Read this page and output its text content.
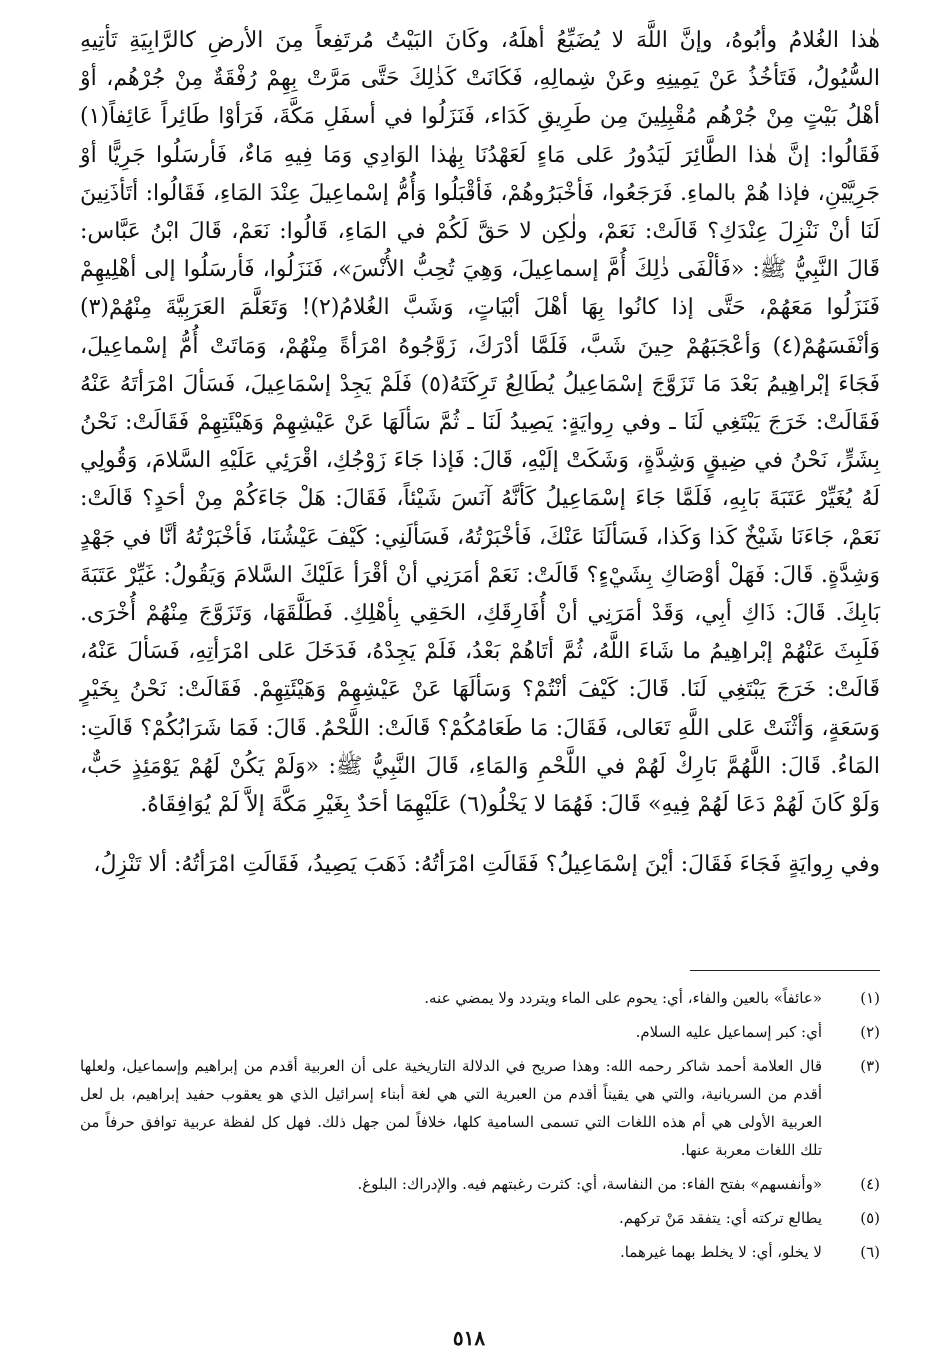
هٰذا الغُلامُ وأبُوهُ، وإنَّ اللَّهَ لا يُضَيِّعُ أهلَهُ، وكَانَ البَيْتُ مُرتَفِعاً مِنَ الأرضِ كالرَّابِيَةِ تَأتِيهِ السُّيُولُ، فَتَأخُذُ عَنْ يَمِينِهِ وعَنْ شِمالِهِ، فَكَانَتْ كَذٰلِكَ حَتَّى مَرَّتْ بِهِمْ رُفْقَةٌ مِنْ جُرْهُم، أوْ أهْلُ بَيْتٍ مِنْ جُرْهُم مُقْبِلِينَ مِن طَرِيقِ كَدَاء، فَنَزَلُوا في أسفَلِ مَكَّةَ، فَرَأوْا طَائِراً عَائِفاً(١) فَقَالُوا: إنَّ هٰذا الطَّائِرَ لَيَدُورُ عَلى مَاءٍ لَعَهْدُنَا بِهٰذا الوَادِي وَمَا فِيهِ مَاءٌ، فَأرسَلُوا جَرِيًّا أوْ جَرِيَّيْنِ، فإذا هُمْ بالماءِ. فَرَجَعُوا، فَأخْبَرُوهُمْ، فَأقْبَلُوا وَأُمُّ إسْماعِيلَ عِنْدَ المَاءِ، فَقَالُوا: أتَأذَنِينَ لَنَا أنْ نَنْزِلَ عِنْدَكِ؟ قَالَتْ: نَعَمْ، ولٰكِن لا حَقَّ لَكُمْ في المَاءِ، قَالُوا: نَعَمْ، قَالَ ابْنُ عَبَّاس: قَالَ النَّبِيُّ ﷺ: «فَألْفَى ذٰلِكَ أُمَّ إسماعِيلَ، وَهِيَ تُحِبُّ الأُنْسَ»، فَنَزَلُوا، فَأرسَلُوا إلى أهْلِيهِمْ فَنَزَلُوا مَعَهُمْ، حَتَّى إذا كانُوا بِهَا أهْلَ أبْيَاتٍ، وَشَبَّ الغُلامُ(٢)! وَتَعَلَّمَ العَرَبِيَّةَ مِنْهُمْ(٣) وَأنْفَسَهُمْ(٤) وَأعْجَبَهُمْ حِينَ شَبَّ، فَلَمَّا أدْرَكَ، زَوَّجُوهُ امْرَأةً مِنْهُمْ، وَمَاتَتْ أُمُّ إسْماعِيلَ، فَجَاءَ إبْراهِيمُ بَعْدَ مَا تَزَوَّجَ إسْمَاعِيلُ يُطَالِعُ تَرِكَتَهُ(٥) فَلَمْ يَجِدْ إسْمَاعِيلَ، فَسَألَ امْرَأتَهُ عَنْهُ فَقَالَتْ: خَرَجَ يَبْتَغِي لَنَا ـ وفي رِوايَةٍ: يَصِيدُ لَنَا ـ ثُمَّ سَألَهَا عَنْ عَيْشِهِمْ وَهَيْئَتِهِمْ فَقَالَتْ: نَحْنُ بِشَرٍّ، نَحْنُ في ضِيقٍ وَشِدَّةٍ، وَشَكَتْ إلَيْهِ، قَالَ: فَإذا جَاءَ زَوْجُكِ، اقْرَئِي عَلَيْهِ السَّلامَ، وَقُولِي لَهُ يُغَيِّرْ عَتَبَةَ بَابِهِ، فَلَمَّا جَاءَ إسْمَاعِيلُ كَأنَّهُ آنَسَ شَيْئاً، فَقَالَ: هَلْ جَاءَكُمْ مِنْ أحَدٍ؟ قَالَتْ: نَعَمْ، جَاءَنَا شَيْخٌ كَذا وَكَذا، فَسَألَنَا عَنْكَ، فَأخْبَرْتُهُ، فَسَألَنِي: كَيْفَ عَيْشُنَا، فَأخْبَرْتُهُ أنَّا في جَهْدٍ وَشِدَّةٍ. قَالَ: فَهَلْ أوْصَاكِ بِشَيْءٍ؟ قَالَتْ: نَعَمْ أمَرَنِي أنْ أقْرَأ عَلَيْكَ السَّلامَ وَيَقُولُ: غَيِّرْ عَتَبَةَ بَابِكَ. قَالَ: ذَاكِ أبِي، وَقَدْ أمَرَنِي أنْ أُفَارِقَكِ، الحَقِي بِأهْلِكِ. فَطَلَّقَهَا، وَتَزَوَّجَ مِنْهُمْ أُخْرَى. فَلَبِثَ عَنْهُمْ إبْراهِيمُ ما شَاءَ اللَّهُ، ثُمَّ أتَاهُمْ بَعْدُ، فَلَمْ يَجِدْهُ، فَدَخَلَ عَلى امْرَأتِهِ، فَسَألَ عَنْهُ، قَالَتْ: خَرَجَ يَبْتَغِي لَنَا. قَالَ: كَيْفَ أنْتُمْ؟ وَسَألَهَا عَنْ عَيْشِهِمْ وَهَيْئَتِهِمْ. فَقَالَتْ: نَحْنُ بِخَيْرٍ وَسَعَةٍ، وَأثْنَتْ عَلى اللَّهِ تَعَالى، فَقَالَ: مَا طَعَامُكُمْ؟ قَالَتْ: اللَّحْمُ. قَالَ: فَمَا شَرَابُكُمْ؟ قَالَتِ: المَاءُ. قَالَ: اللَّهُمَّ بَارِكْ لَهُمْ في اللَّحْمِ وَالمَاءِ، قَالَ النَّبِيُّ ﷺ: «وَلَمْ يَكُنْ لَهُمْ يَوْمَئِذٍ حَبٌّ، وَلَوْ كَانَ لَهُمْ دَعَا لَهُمْ فِيهِ» قَالَ: فَهُمَا لا يَخْلُو(٦) عَلَيْهِمَا أحَدٌ بِغَيْرِ مَكَّةَ إلاَّ لَمْ يُوَافِقَاهُ.

وفي رِوايَةٍ فَجَاءَ فَقَالَ: أيْنَ إسْمَاعِيلُ؟ فَقَالَتِ امْرَأتُهُ: ذَهَبَ يَصِيدُ، فَقَالَتِ امْرَأتُهُ: ألا تَنْزِلُ،

(١)
«عائفاً» بالعين والفاء، أي: يحوم على الماء ويتردد ولا يمضي عنه.
(٢)
أي: كبر إسماعيل عليه السلام.
(٣)
قال العلامة أحمد شاكر رحمه الله: وهذا صريح في الدلالة التاريخية على أن العربية أقدم من إبراهيم وإسماعيل، ولعلها أقدم من السريانية، والتي هي يقيناً أقدم من العبرية التي هي لغة أبناء إسرائيل الذي هو يعقوب حفيد إبراهيم، بل لعل العربية الأولى هي أم هذه اللغات التي تسمى السامية كلها، خلافاً لمن جهل ذلك. فهل كل لفظة عربية توافق حرفاً من تلك اللغات معربة عنها.
(٤)
«وأنفسهم» بفتح الفاء: من النفاسة، أي: كثرت رغبتهم فيه. والإدراك: البلوغ.
(٥)
يطالع تركته أي: يتفقد مَنْ تركهم.
(٦)
لا يخلو، أي: لا يخلط بهما غيرهما.
٥١٨
